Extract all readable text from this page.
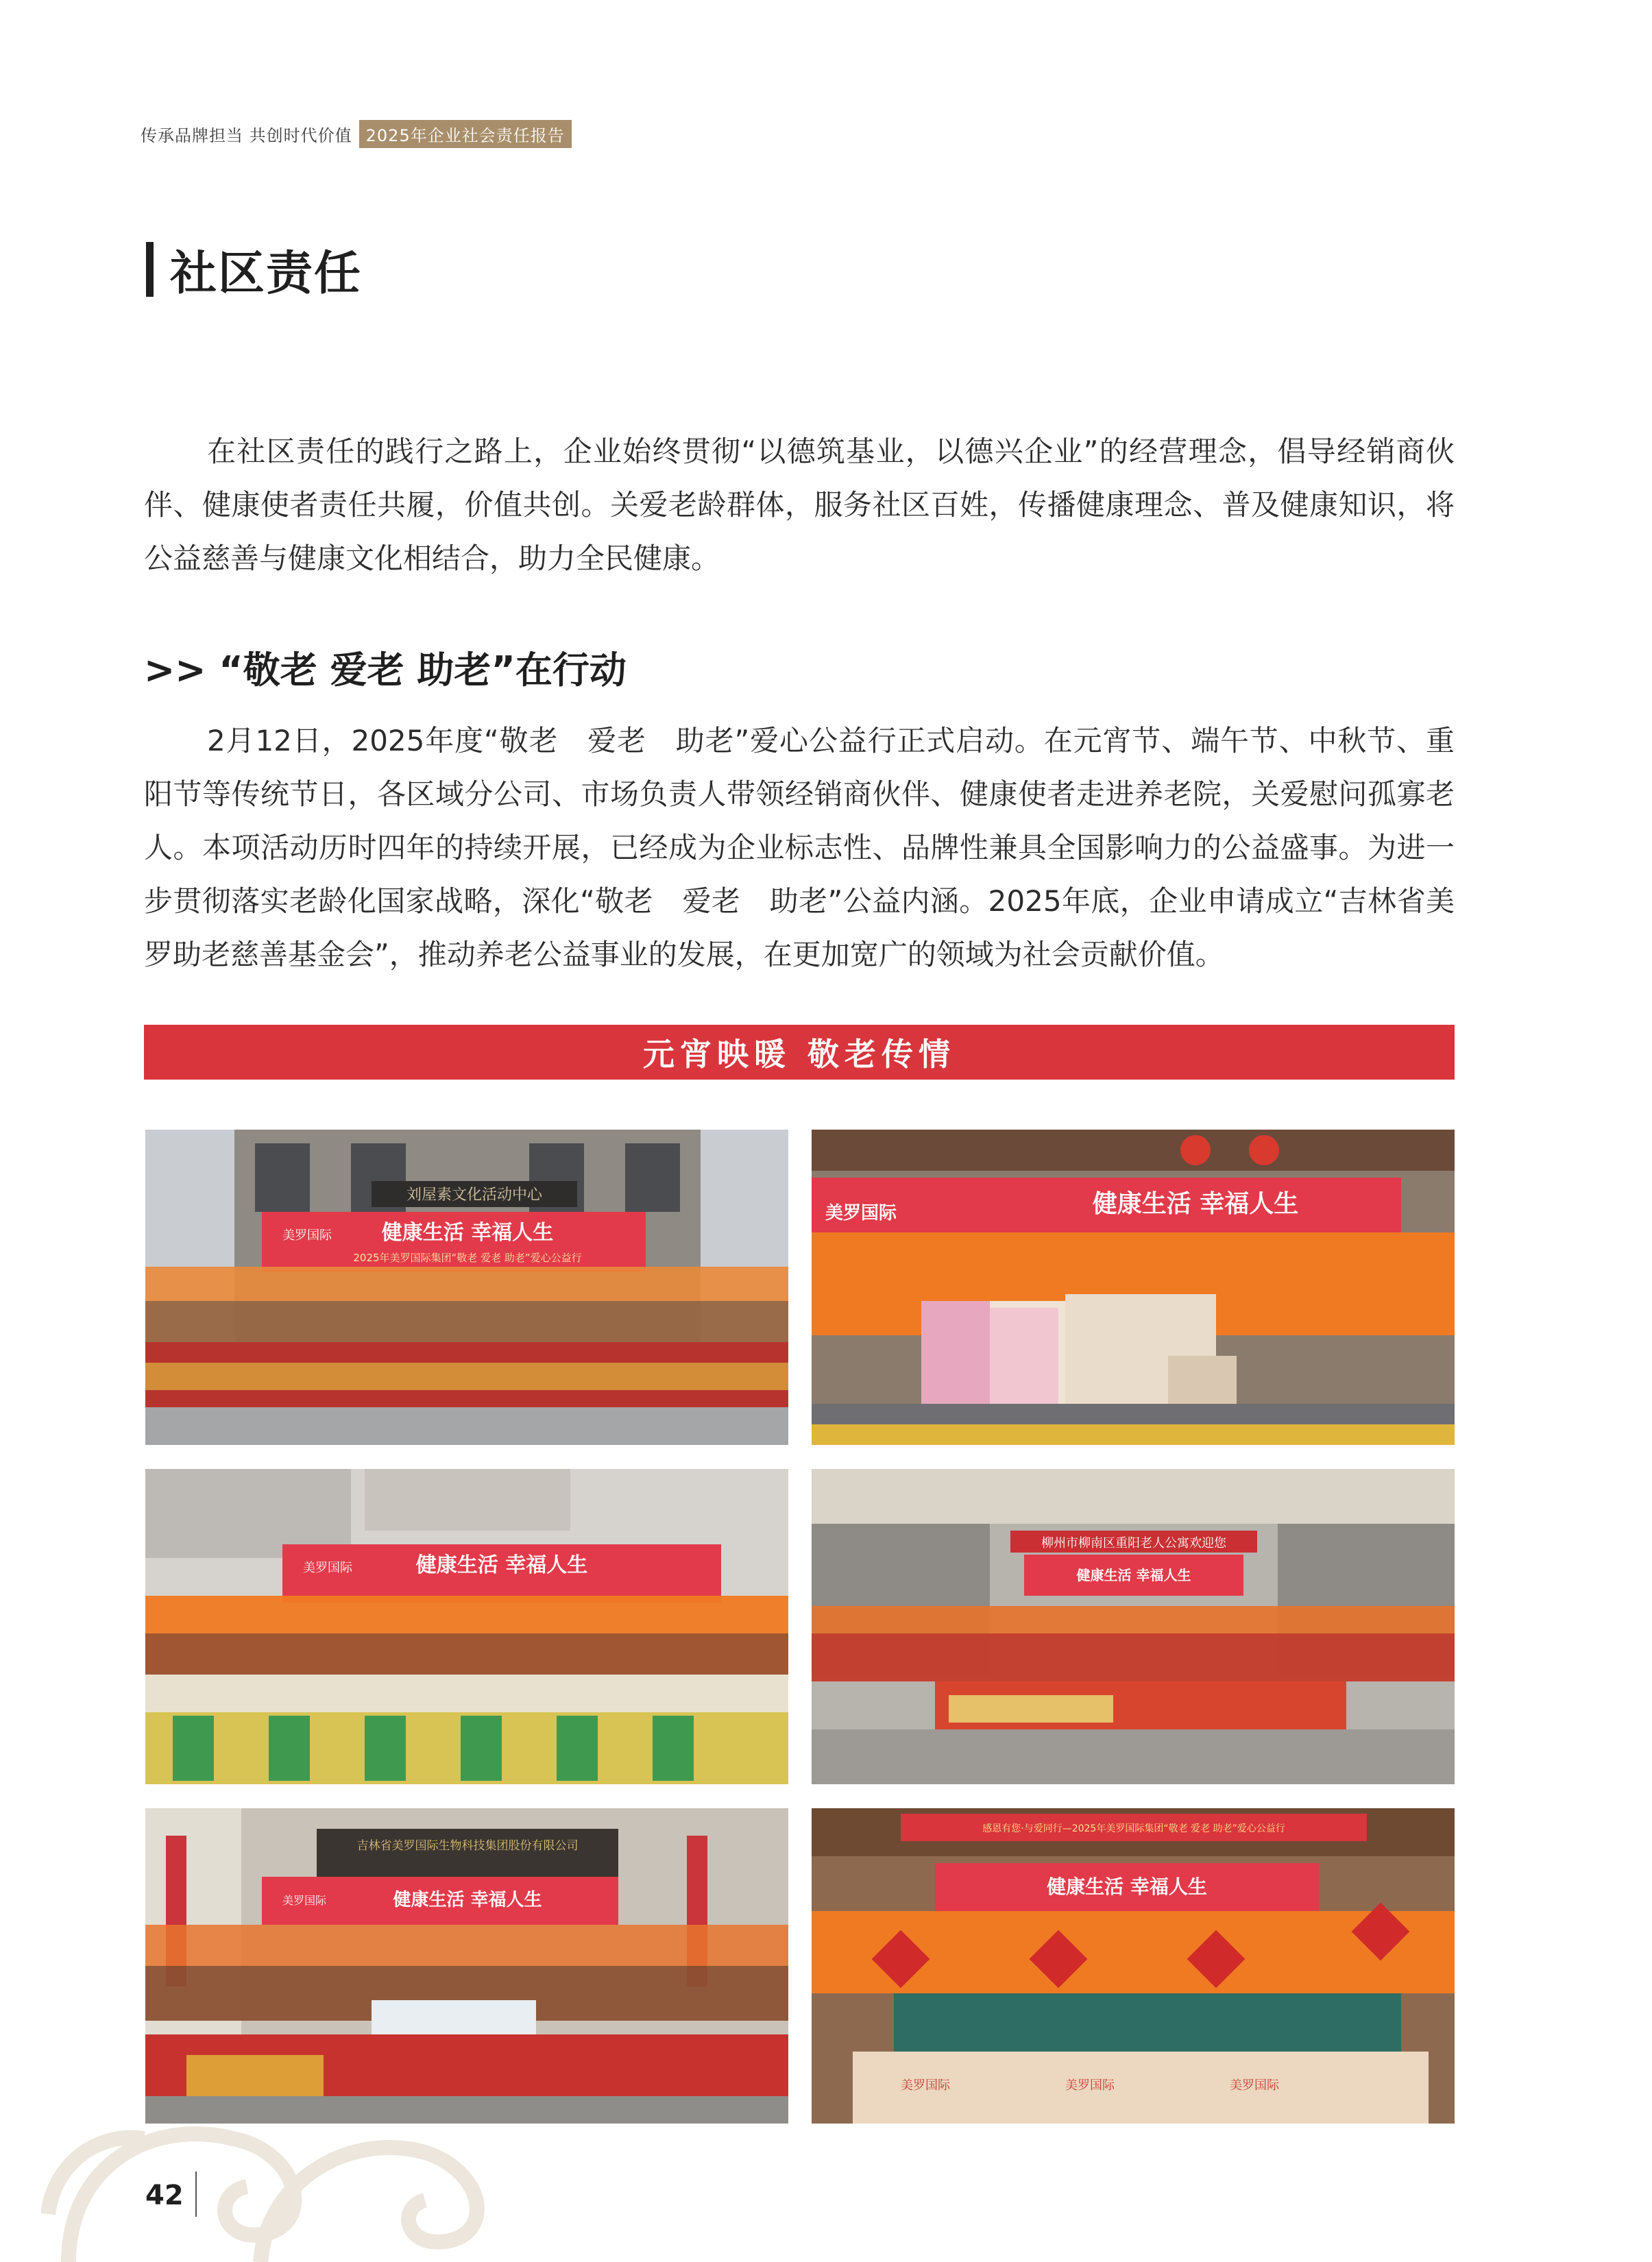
传承品牌担当 共创时代价值 2025年企业社会责任报告
社区责任

在社区责任的践行之路上，企业始终贯彻“以德筑基业，以德兴企业”的经营理念，倡导经销商伙伴、健康使者责任共履，价值共创。关爱老龄群体，服务社区百姓，传播健康理念、普及健康知识，将公益慈善与健康文化相结合，助力全民健康。

>> “敬老 爱老 助老”在行动

2月12日，2025年度“敬老　爱老　助老”爱心公益行正式启动。在元宵节、端午节、中秋节、重阳节等传统节日，各区域分公司、市场负责人带领经销商伙伴、健康使者走进养老院，关爱慰问孤寡老人。本项活动历时四年的持续开展，已经成为企业标志性、品牌性兼具全国影响力的公益盛事。为进一步贯彻落实老龄化国家战略，深化“敬老　爱老　助老”公益内涵。2025年底，企业申请成立“吉林省美罗助老慈善基金会”，推动养老公益事业的发展，在更加宽广的领域为社会贡献价值。

元宵映暖 敬老传情
刘屋素文化活动中心
美罗国际 健康生活 幸福人生
2025年美罗国际集团“敬老 爱老 助老”爱心公益行
美罗国际	健康生活 幸福人生
美罗国际	健康生活 幸福人生
柳州市柳南区重阳老人公寓欢迎您
健康生活 幸福人生
吉林省美罗国际生物科技集团股份有限公司
美罗国际	健康生活 幸福人生
感恩有您·与爱同行—2025年美罗国际集团“敬老 爱老 助老”爱心公益行
健康生活 幸福人生
美罗国际	美罗国际	美罗国际
42
